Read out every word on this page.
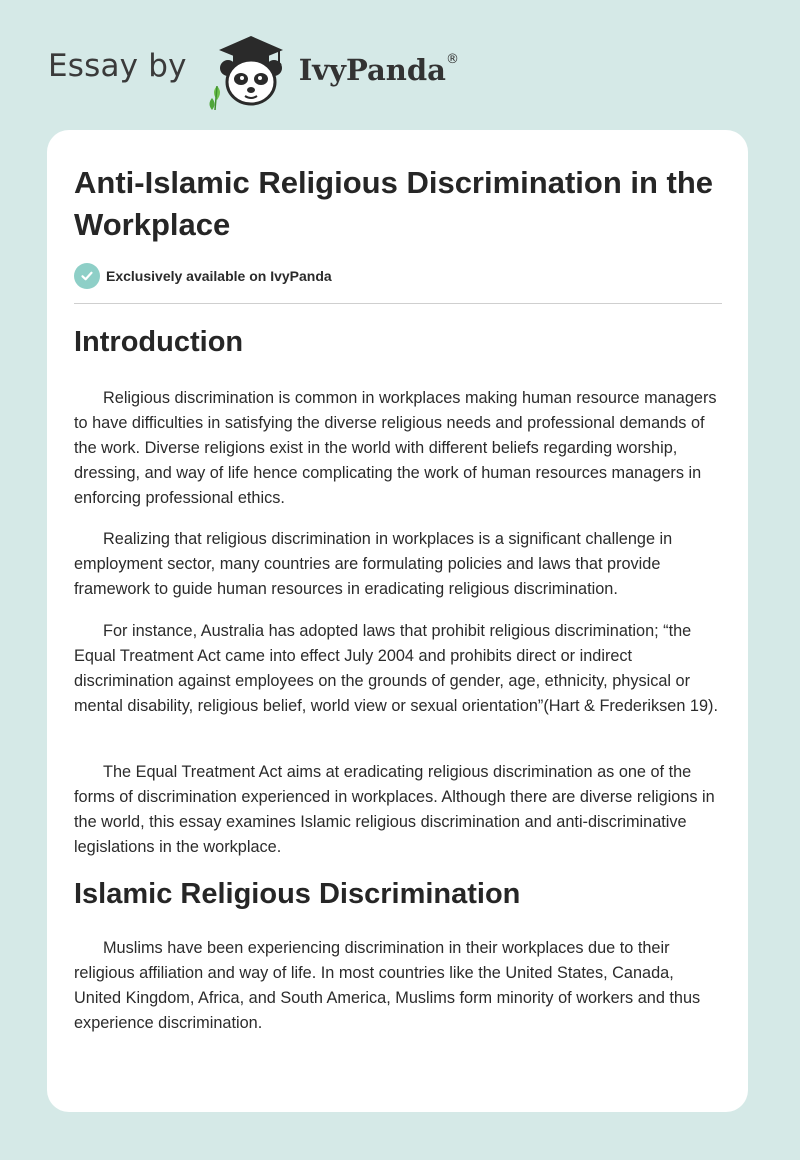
Essay by	IvyPanda®
Anti-Islamic Religious Discrimination in the Workplace
Exclusively available on IvyPanda
Introduction

Religious discrimination is common in workplaces making human resource managers to have difficulties in satisfying the diverse religious needs and professional demands of the work. Diverse religions exist in the world with different beliefs regarding worship, dressing, and way of life hence complicating the work of human resources managers in enforcing professional ethics.

Realizing that religious discrimination in workplaces is a significant challenge in employment sector, many countries are formulating policies and laws that provide framework to guide human resources in eradicating religious discrimination.

For instance, Australia has adopted laws that prohibit religious discrimination; “the Equal Treatment Act came into effect July 2004 and prohibits direct or indirect discrimination against employees on the grounds of gender, age, ethnicity, physical or mental disability, religious belief, world view or sexual orientation”(Hart & Frederiksen 19).

The Equal Treatment Act aims at eradicating religious discrimination as one of the forms of discrimination experienced in workplaces. Although there are diverse religions in the world, this essay examines Islamic religious discrimination and anti-discriminative legislations in the workplace.

Islamic Religious Discrimination

Muslims have been experiencing discrimination in their workplaces due to their religious affiliation and way of life. In most countries like the United States, Canada, United Kingdom, Africa, and South America, Muslims form minority of workers and thus experience discrimination.
